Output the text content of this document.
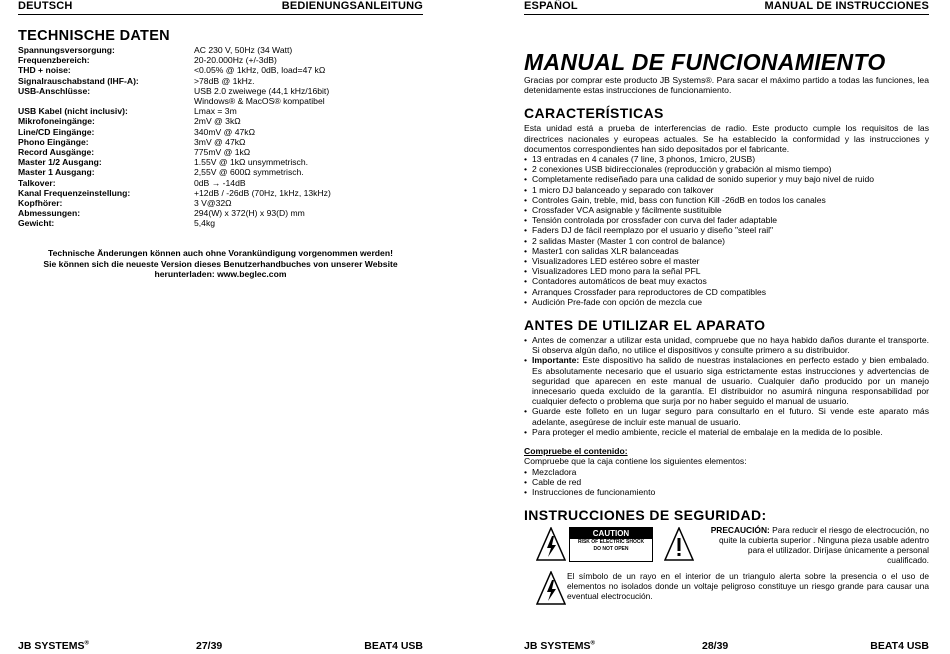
DEUTSCH	BEDIENUNGSANLEITUNG
TECHNISCHE DATEN
Spannungsversorgung:	AC 230 V, 50Hz (34 Watt)
Frequenzbereich:	20-20.000Hz (+/-3dB)
THD + noise:	<0.05% @ 1kHz, 0dB, load=47 kΩ
Signalrauschabstand (IHF-A):	>78dB @ 1kHz.
USB-Anschlüsse:	USB 2.0 zweiwege (44,1 kHz/16bit)
Windows® & MacOS® kompatibel
USB Kabel (nicht inclusiv):	Lmax = 3m
Mikrofoneingänge:	2mV @ 3kΩ
Line/CD Eingänge:	340mV @ 47kΩ
Phono Eingänge:	3mV @ 47kΩ
Record Ausgänge:	775mV @ 1kΩ
Master 1/2 Ausgang:	1.55V @ 1kΩ unsymmetrisch.
Master 1 Ausgang:	2,55V @ 600Ω symmetrisch.
Talkover:	0dB → -14dB
Kanal Frequenzeinstellung:	+12dB / -26dB (70Hz, 1kHz, 13kHz)
Kopfhörer:	3 V@32Ω
Abmessungen:	294(W) x 372(H) x 93(D) mm
Gewicht:	5,4kg
Technische Änderungen können auch ohne Vorankündigung vorgenommen werden!
Sie können sich die neueste Version dieses Benutzerhandbuches von unserer Website
herunterladen: www.beglec.com
JB SYSTEMS®	27/39	BEAT4 USB
ESPAÑOL	MANUAL DE INSTRUCCIONES
MANUAL DE FUNCIONAMIENTO
Gracias por comprar este producto JB Systems®. Para sacar el máximo partido a todas las funciones, lea detenidamente estas instrucciones de funcionamiento.
CARACTERÍSTICAS
Esta unidad está a prueba de interferencias de radio. Este producto cumple los requisitos de las directrices nacionales y europeas actuales. Se ha establecido la conformidad y las instrucciones y documentos correspondientes han sido depositados por el fabricante.
• 13 entradas en 4 canales (7 line, 3 phonos, 1micro, 2USB)
• 2 conexiones USB bidireccionales (reproducción y grabación al mismo tiempo)
• Completamente rediseñado para una calidad de sonido superior y muy bajo nivel de ruido
• 1 micro DJ balanceado y separado con talkover
• Controles Gain, treble, mid, bass con function Kill -26dB en todos los canales
• Crossfader VCA asignable y fácilmente sustituible
• Tensión controlada por crossfader con curva del fader adaptable
• Faders DJ de fácil reemplazo por el usuario y diseño "steel rail"
• 2 salidas Master (Master 1 con control de balance)
• Master1 con salidas XLR balanceadas
• Visualizadores LED estéreo sobre el master
• Visualizadores LED mono para la señal PFL
• Contadores automáticos de beat muy exactos
• Arranques Crossfader para reproductores de CD compatibles
• Audición Pre-fade con opción de mezcla cue
ANTES DE UTILIZAR EL APARATO
• Antes de comenzar a utilizar esta unidad, compruebe que no haya habido daños durante el transporte. Si observa algún daño, no utilice el dispositivos y consulte primero a su distribuidor.
• Importante: Este dispositivo ha salido de nuestras instalaciones en perfecto estado y bien embalado. Es absolutamente necesario que el usuario siga estrictamente estas instrucciones y advertencias de seguridad que aparecen en este manual de usuario. Cualquier daño producido por un manejo innecesario queda excluido de la garantía. El distribuidor no asumirá ninguna responsabilidad por cualquier defecto o problema que surja por no haber seguido el manual de usuario.
• Guarde este folleto en un lugar seguro para consultarlo en el futuro. Si vende este aparato más adelante, asegúrese de incluir este manual de usuario.
• Para proteger el medio ambiente, recicle el material de embalaje en la medida de lo posible.
Compruebe el contenido:
Compruebe que la caja contiene los siguientes elementos:
• Mezcladora
• Cable de red
• Instrucciones de funcionamiento
INSTRUCCIONES DE SEGURIDAD:
CAUTION
RISK OF ELECTRIC SHOCK
DO NOT OPEN
PRECAUCIÓN: Para reducir el riesgo de electrocución, no quite la cubierta superior . Ninguna pieza usable adentro para el utilizador. Diríjase únicamente a personal cualificado.
El símbolo de un rayo en el interior de un triangulo alerta sobre la presencia o el uso de elementos no isolados donde un voltaje peligroso constituye un riesgo grande para causar una eventual electrocución.
JB SYSTEMS®	28/39	BEAT4 USB
